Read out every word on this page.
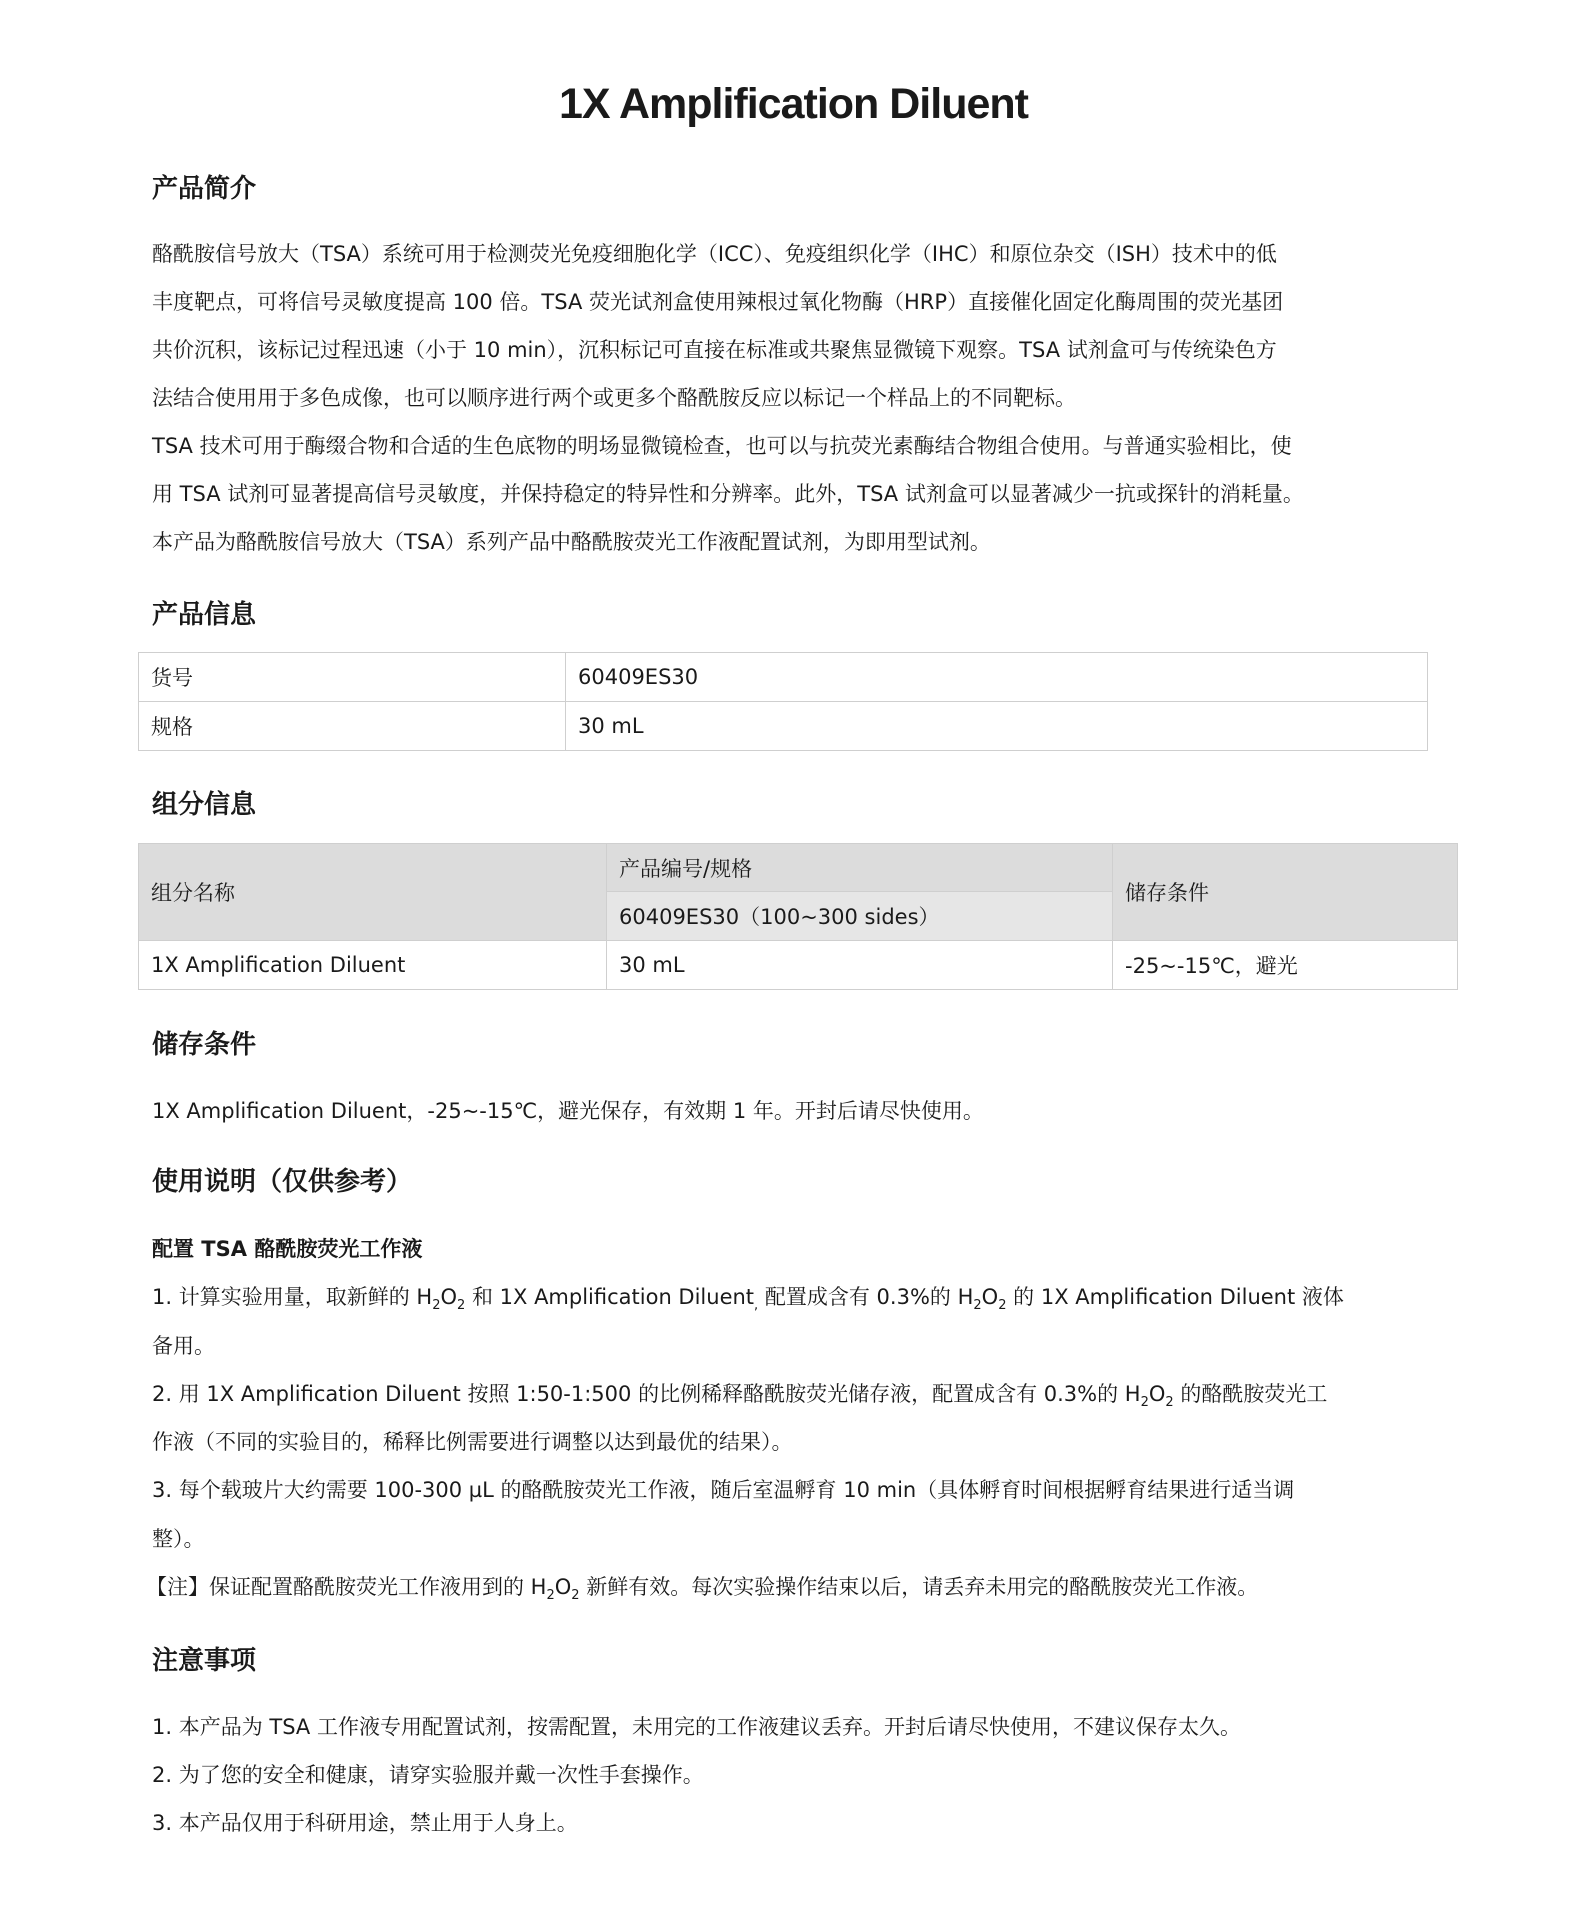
1X Amplification Diluent
产品简介
酪酰胺信号放大（TSA）系统可用于检测荧光免疫细胞化学（ICC）、免疫组织化学（IHC）和原位杂交（ISH）技术中的低
丰度靶点，可将信号灵敏度提高 100 倍。TSA 荧光试剂盒使用辣根过氧化物酶（HRP）直接催化固定化酶周围的荧光基团
共价沉积，该标记过程迅速（小于 10 min），沉积标记可直接在标准或共聚焦显微镜下观察。TSA 试剂盒可与传统染色方
法结合使用用于多色成像，也可以顺序进行两个或更多个酪酰胺反应以标记一个样品上的不同靶标。
TSA 技术可用于酶缀合物和合适的生色底物的明场显微镜检查，也可以与抗荧光素酶结合物组合使用。与普通实验相比，使
用 TSA 试剂可显著提高信号灵敏度，并保持稳定的特异性和分辨率。此外，TSA 试剂盒可以显著减少一抗或探针的消耗量。
本产品为酪酰胺信号放大（TSA）系列产品中酪酰胺荧光工作液配置试剂，为即用型试剂。
产品信息
货号	60409ES30
规格	30 mL
组分信息
组分名称	产品编号/规格	储存条件
	60409ES30（100~300 sides）	
1X Amplification Diluent	30 mL	-25~-15℃，避光
储存条件
1X Amplification Diluent，-25~-15℃，避光保存，有效期 1 年。开封后请尽快使用。
使用说明（仅供参考）
配置 TSA 酪酰胺荧光工作液
1. 计算实验用量，取新鲜的 $H_2O_2$ 和 1X Amplification Diluent$_,$ 配置成含有 0.3%的 $H_2O_2$ 的 1X Amplification Diluent 液体
备用。
2. 用 1X Amplification Diluent 按照 1:50-1:500 的比例稀释酪酰胺荧光储存液，配置成含有 0.3%的 $H_2O_2$ 的酪酰胺荧光工
作液（不同的实验目的，稀释比例需要进行调整以达到最优的结果）。
3. 每个载玻片大约需要 100-300 µL 的酪酰胺荧光工作液，随后室温孵育 10 min（具体孵育时间根据孵育结果进行适当调
整）。
【注】保证配置酪酰胺荧光工作液用到的 $H_2O_2$ 新鲜有效。每次实验操作结束以后，请丢弃未用完的酪酰胺荧光工作液。
注意事项
1. 本产品为 TSA 工作液专用配置试剂，按需配置，未用完的工作液建议丢弃。开封后请尽快使用，不建议保存太久。
2. 为了您的安全和健康，请穿实验服并戴一次性手套操作。
3. 本产品仅用于科研用途，禁止用于人身上。
